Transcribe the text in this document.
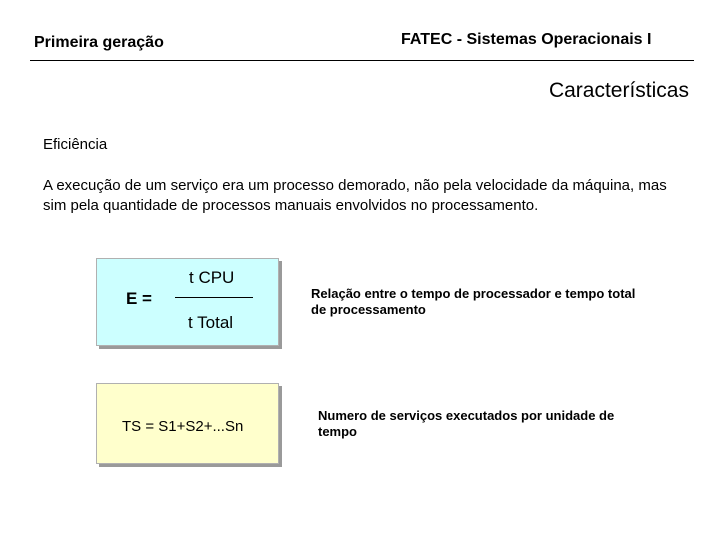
Primeira geração	FATEC - Sistemas Operacionais I
Características
Eficiência
A execução de um serviço era um processo demorado, não pela velocidade da máquina, mas sim pela quantidade de processos manuais envolvidos no processamento.
E =
t CPU
t Total
TS = S1+S2+...Sn
Relação entre o tempo de processador e tempo total de processamento
Numero de serviços executados por unidade de tempo
